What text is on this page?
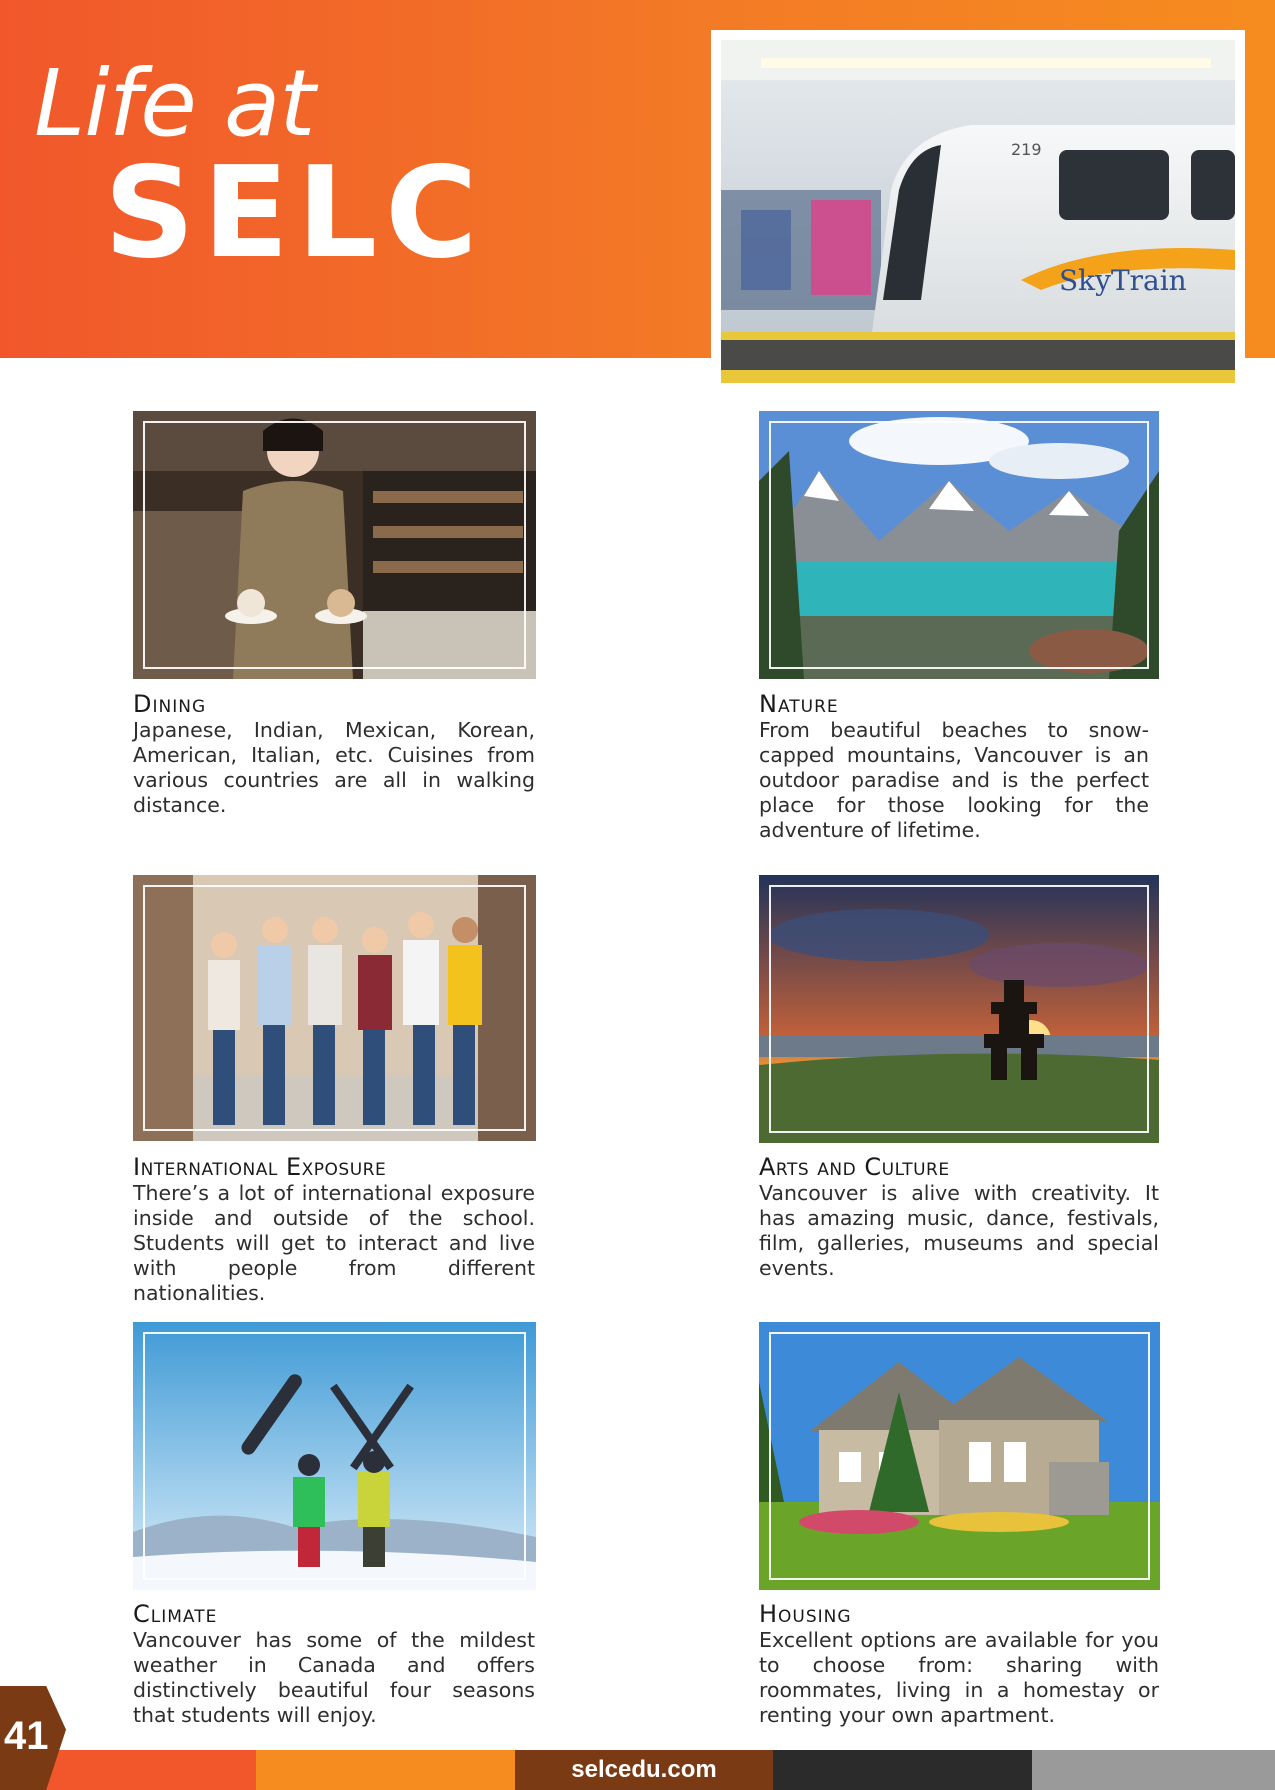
Life at
SELC	SkyTrain
219
Dining

Japanese, Indian, Mexican, Korean, American, Italian, etc. Cuisines from various countries are all in walking distance.

Nature

From beautiful beaches to snow-capped mountains, Vancouver is an outdoor paradise and is the perfect place for those looking for the adventure of lifetime.

International Exposure

There’s a lot of international exposure inside and outside of the school. Students will get to interact and live with people from different nationalities.

Arts and Culture

Vancouver is alive with creativity. It has amazing music, dance, festivals, film, galleries, museums and special events.

Climate

Vancouver has some of the mildest weather in Canada and offers distinctively beautiful four seasons that students will enjoy.

Housing

Excellent options are available for you to choose from: sharing with roommates, living in a homestay or renting your own apartment.

selcedu.com
41
